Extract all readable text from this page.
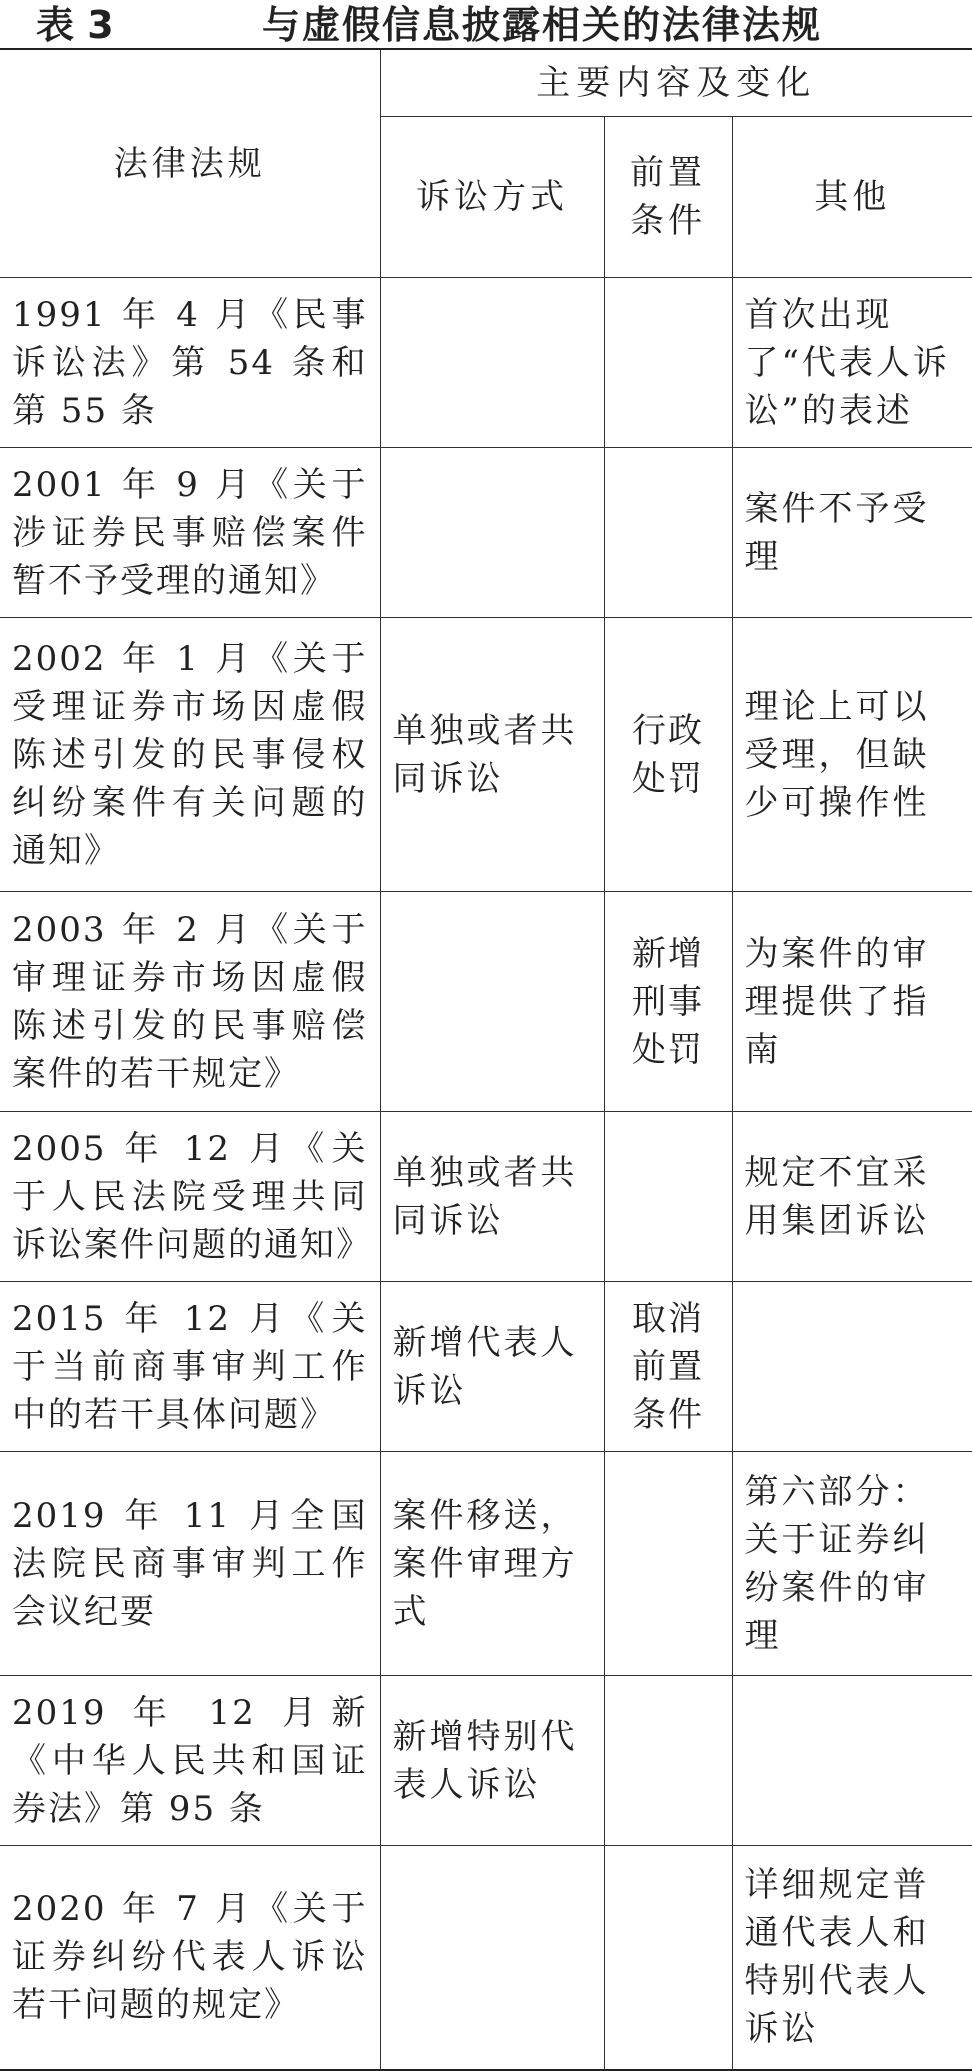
表 3	与虚假信息披露相关的法律法规
法律法规	主要内容及变化		
	诉讼方式	前置条件	其他
1991 年 4 月《民事诉讼法》第 54 条和第 55 条			首次出现了“代表人诉讼”的表述
2001 年 9 月《关于涉证券民事赔偿案件暂不予受理的通知》			案件不予受理
2002 年 1 月《关于受理证券市场因虚假陈述引发的民事侵权纠纷案件有关问题的通知》	单独或者共同诉讼	行政处罚	理论上可以受理，但缺少可操作性
2003 年 2 月《关于审理证券市场因虚假陈述引发的民事赔偿案件的若干规定》		新增刑事处罚	为案件的审理提供了指南
2005 年 12 月《关于人民法院受理共同诉讼案件问题的通知》	单独或者共同诉讼		规定不宜采用集团诉讼
2015 年 12 月《关于当前商事审判工作中的若干具体问题》	新增代表人诉讼	取消前置条件	
2019 年 11 月全国法院民商事审判工作会议纪要	案件移送，案件审理方式		第六部分：关于证券纠纷案件的审理
2019 年 12 月新《中华人民共和国证券法》第 95 条	新增特别代表人诉讼		
2020 年 7 月《关于证券纠纷代表人诉讼若干问题的规定》			详细规定普通代表人和特别代表人诉讼
